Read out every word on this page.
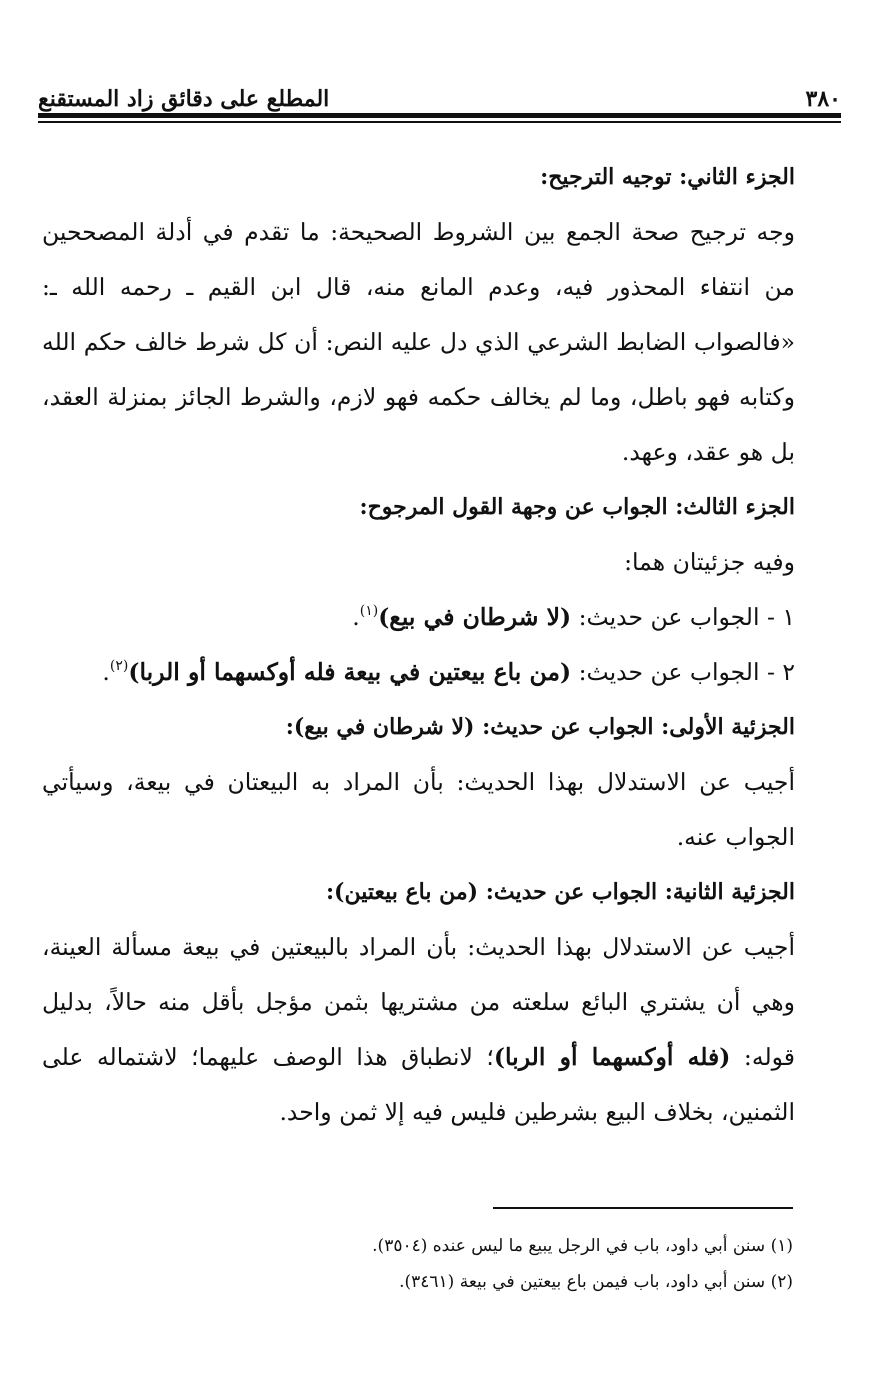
٣٨٠
المطلع على دقائق زاد المستقنع

الجزء الثاني: توجيه الترجيح:

وجه ترجيح صحة الجمع بين الشروط الصحيحة: ما تقدم في أدلة المصححين من انتفاء المحذور فيه، وعدم المانع منه، قال ابن القيم ـ رحمه الله ـ: «فالصواب الضابط الشرعي الذي دل عليه النص: أن كل شرط خالف حكم الله وكتابه فهو باطل، وما لم يخالف حكمه فهو لازم، والشرط الجائز بمنزلة العقد، بل هو عقد، وعهد.

الجزء الثالث: الجواب عن وجهة القول المرجوح:

وفيه جزئيتان هما:

١ - الجواب عن حديث: (لا شرطان في بيع)$^{(١)}$.

٢ - الجواب عن حديث: (من باع بيعتين في بيعة فله أوكسهما أو الربا)$^{(٢)}$.

الجزئية الأولى: الجواب عن حديث: (لا شرطان في بيع):

أجيب عن الاستدلال بهذا الحديث: بأن المراد به البيعتان في بيعة، وسيأتي الجواب عنه.

الجزئية الثانية: الجواب عن حديث: (من باع بيعتين):

أجيب عن الاستدلال بهذا الحديث: بأن المراد بالبيعتين في بيعة مسألة العينة، وهي أن يشتري البائع سلعته من مشتريها بثمن مؤجل بأقل منه حالاً، بدليل قوله: (فله أوكسهما أو الربا)؛ لانطباق هذا الوصف عليهما؛ لاشتماله على الثمنين، بخلاف البيع بشرطين فليس فيه إلا ثمن واحد.

(١) سنن أبي داود، باب في الرجل يبيع ما ليس عنده (٣٥٠٤).

(٢) سنن أبي داود، باب فيمن باع بيعتين في بيعة (٣٤٦١).
